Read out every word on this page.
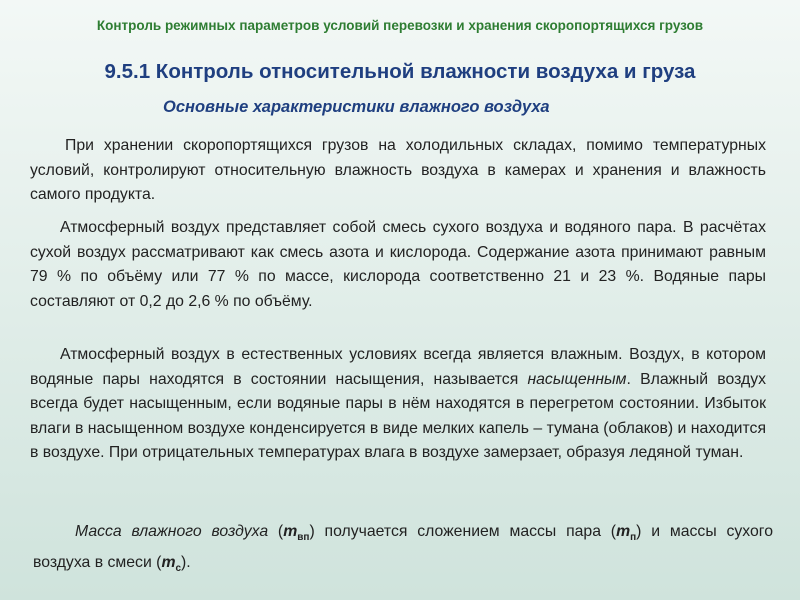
Контроль режимных параметров условий перевозки и хранения скоропортящихся грузов
9.5.1 Контроль относительной влажности воздуха и груза
Основные характеристики влажного воздуха
При хранении скоропортящихся грузов на холодильных складах, помимо температурных условий, контролируют относительную влажность воздуха в камерах и хранения и влажность самого продукта.
Атмосферный воздух представляет собой смесь сухого воздуха и водяного пара. В расчётах сухой воздух рассматривают как смесь азота и кислорода. Содержание азота принимают равным 79 % по объёму или 77 % по массе, кислорода соответственно 21 и 23 %. Водяные пары составляют от 0,2 до 2,6 % по объёму.
Атмосферный воздух в естественных условиях всегда является влажным. Воздух, в котором водяные пары находятся в состоянии насыщения, называется насыщенным. Влажный воздух всегда будет насыщенным, если водяные пары в нём находятся в перегретом состоянии. Избыток влаги в насыщенном воздухе конденсируется в виде мелких капель – тумана (облаков) и находится в воздухе. При отрицательных температурах влага в воздухе замерзает, образуя ледяной туман.
Масса влажного воздуха $(m_{вп})$ получается сложением массы пара $(m_п)$ и массы сухого воздуха в смеси $(m_с)$.
